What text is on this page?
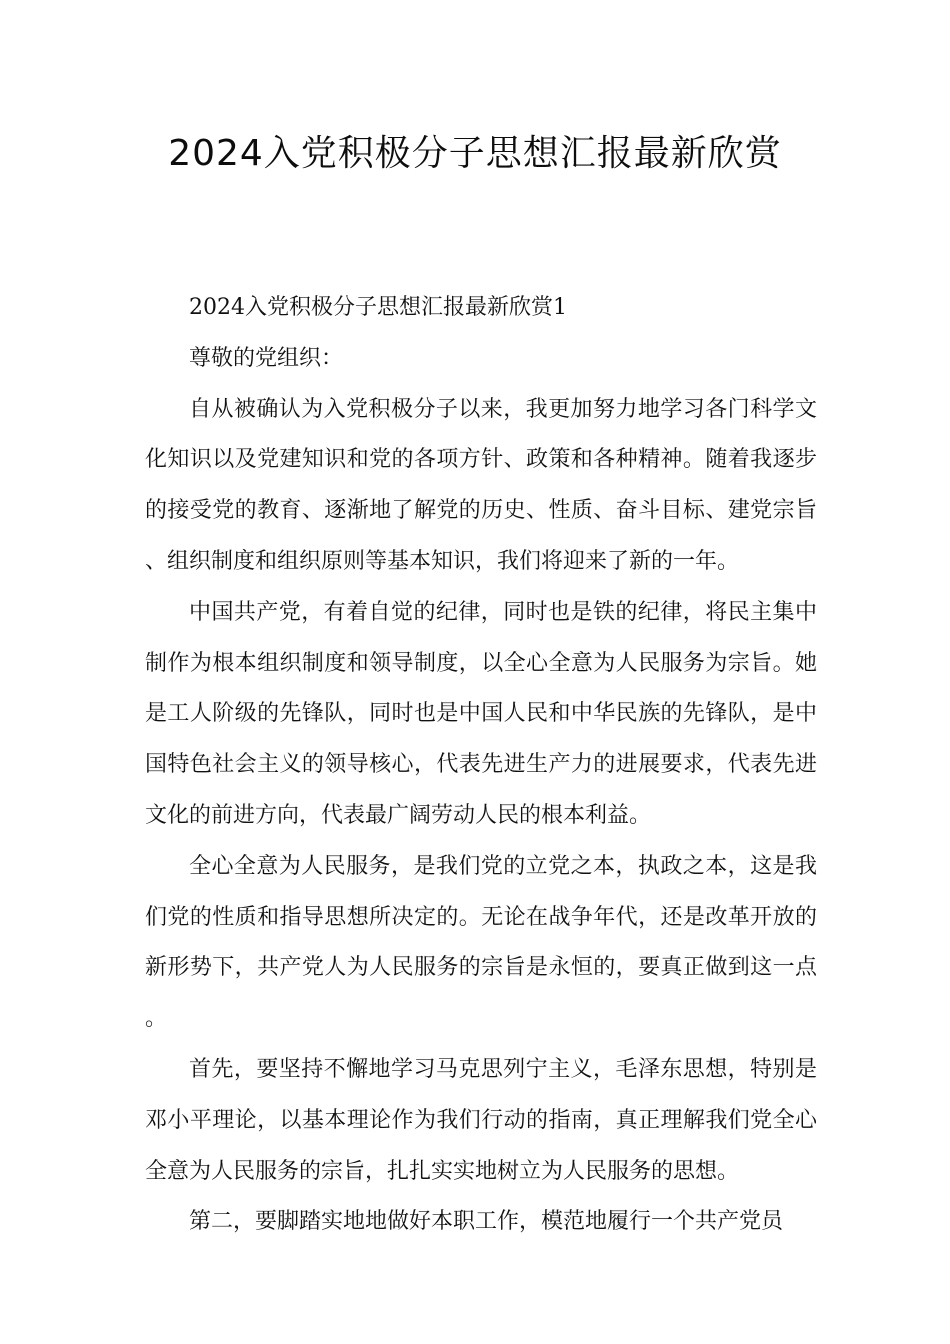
2024入党积极分子思想汇报最新欣赏

2024入党积极分子思想汇报最新欣赏1

尊敬的党组织：

自从被确认为入党积极分子以来，我更加努力地学习各门科学文化知识以及党建知识和党的各项方针、政策和各种精神。随着我逐步的接受党的教育、逐渐地了解党的历史、性质、奋斗目标、建党宗旨、组织制度和组织原则等基本知识，我们将迎来了新的一年。

中国共产党，有着自觉的纪律，同时也是铁的纪律，将民主集中制作为根本组织制度和领导制度，以全心全意为人民服务为宗旨。她是工人阶级的先锋队，同时也是中国人民和中华民族的先锋队，是中国特色社会主义的领导核心，代表先进生产力的进展要求，代表先进文化的前进方向，代表最广阔劳动人民的根本利益。

全心全意为人民服务，是我们党的立党之本，执政之本，这是我们党的性质和指导思想所决定的。无论在战争年代，还是改革开放的新形势下，共产党人为人民服务的宗旨是永恒的，要真正做到这一点。

首先，要坚持不懈地学习马克思列宁主义，毛泽东思想，特别是邓小平理论，以基本理论作为我们行动的指南，真正理解我们党全心全意为人民服务的宗旨，扎扎实实地树立为人民服务的思想。

第二，要脚踏实地地做好本职工作，模范地履行一个共产党员
